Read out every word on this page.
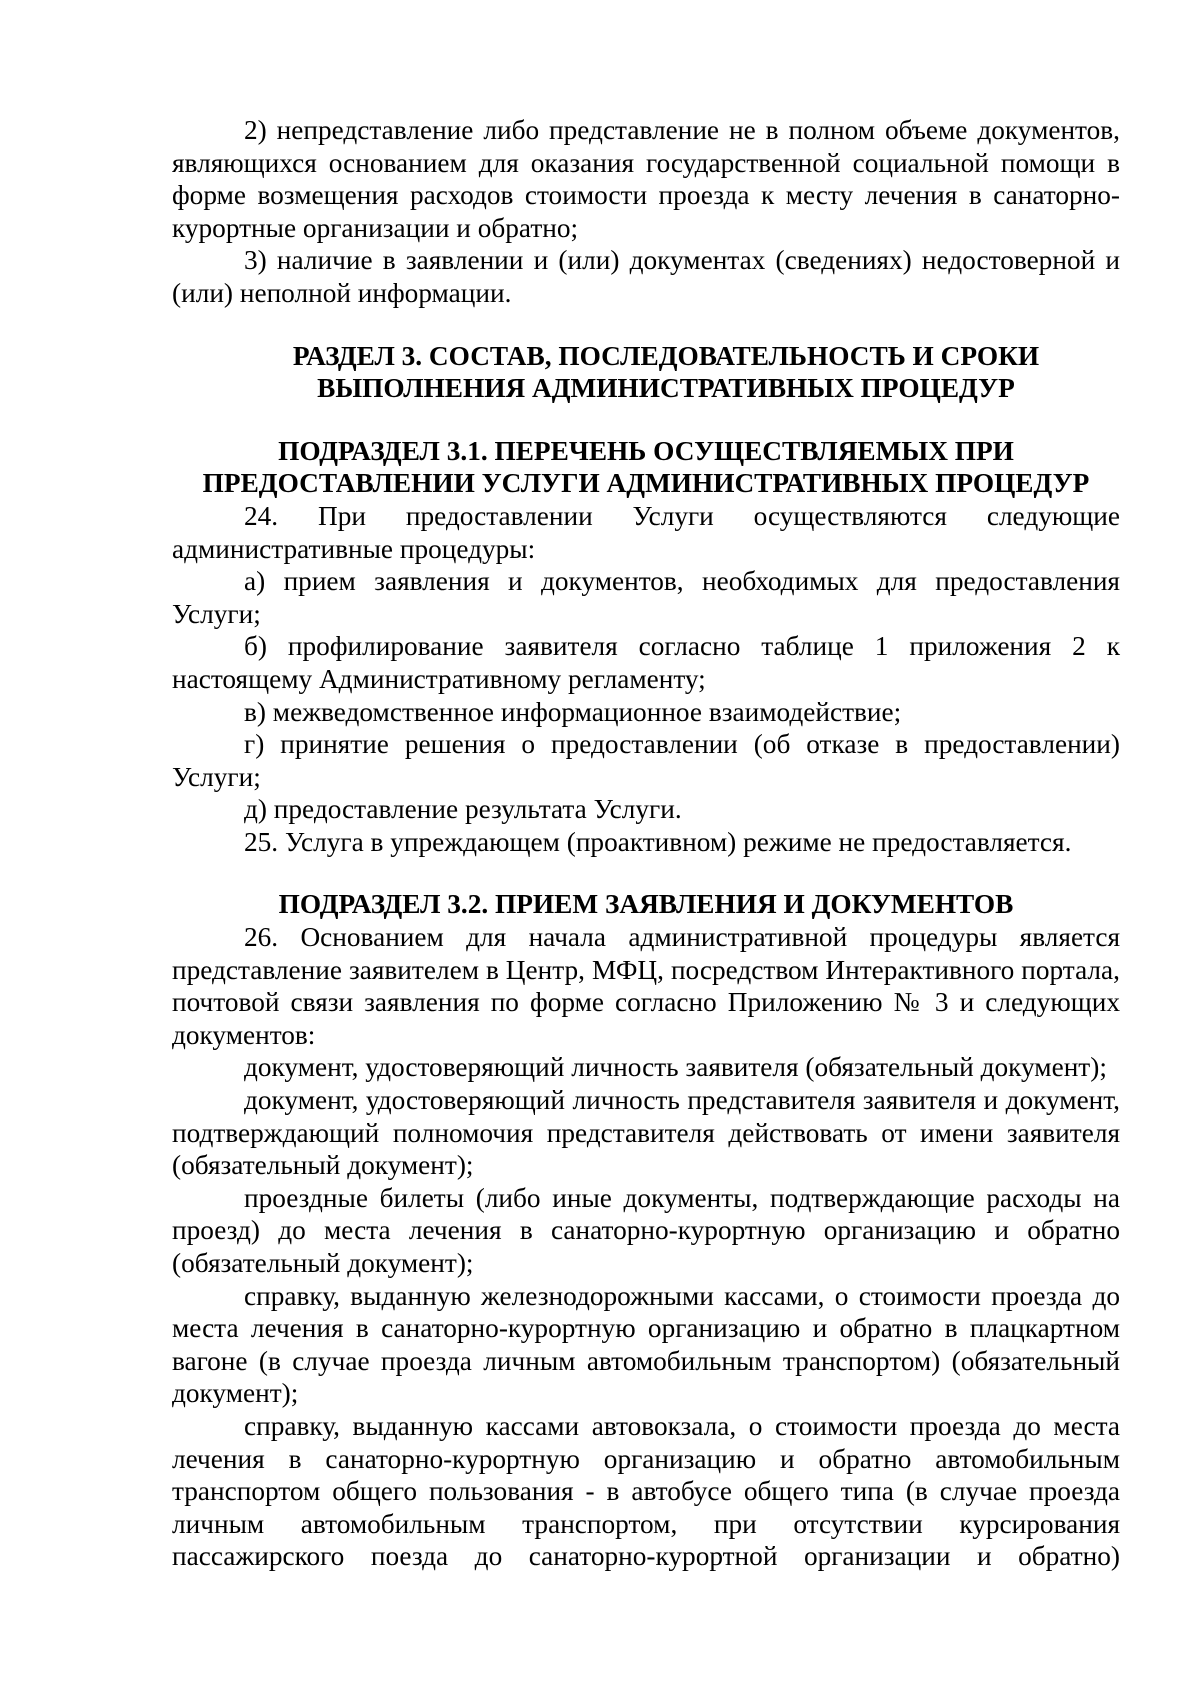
2) непредставление либо представление не в полном объеме документов, являющихся основанием для оказания государственной социальной помощи в форме возмещения расходов стоимости проезда к месту лечения в санаторно-курортные организации и обратно;

3) наличие в заявлении и (или) документах (сведениях) недостоверной и (или) неполной информации.

РАЗДЕЛ 3. СОСТАВ, ПОСЛЕДОВАТЕЛЬНОСТЬ И СРОКИ
ВЫПОЛНЕНИЯ АДМИНИСТРАТИВНЫХ ПРОЦЕДУР
ПОДРАЗДЕЛ 3.1. ПЕРЕЧЕНЬ ОСУЩЕСТВЛЯЕМЫХ ПРИ
ПРЕДОСТАВЛЕНИИ УСЛУГИ АДМИНИСТРАТИВНЫХ ПРОЦЕДУР

24. При предоставлении Услуги осуществляются следующие административные процедуры:

а) прием заявления и документов, необходимых для предоставления Услуги;

б) профилирование заявителя согласно таблице 1 приложения 2 к настоящему Административному регламенту;

в) межведомственное информационное взаимодействие;

г) принятие решения о предоставлении (об отказе в предоставлении) Услуги;

д) предоставление результата Услуги.

25. Услуга в упреждающем (проактивном) режиме не предоставляется.

ПОДРАЗДЕЛ 3.2. ПРИЕМ ЗАЯВЛЕНИЯ И ДОКУМЕНТОВ

26. Основанием для начала административной процедуры является представление заявителем в Центр, МФЦ, посредством Интерактивного портала, почтовой связи заявления по форме согласно Приложению № 3 и следующих документов:

документ, удостоверяющий личность заявителя (обязательный документ);

документ, удостоверяющий личность представителя заявителя и документ, подтверждающий полномочия представителя действовать от имени заявителя (обязательный документ);

проездные билеты (либо иные документы, подтверждающие расходы на проезд) до места лечения в санаторно-курортную организацию и обратно (обязательный документ);

справку, выданную железнодорожными кассами, о стоимости проезда до места лечения в санаторно-курортную организацию и обратно в плацкартном вагоне (в случае проезда личным автомобильным транспортом) (обязательный документ);

справку, выданную кассами автовокзала, о стоимости проезда до места лечения в санаторно-курортную организацию и обратно автомобильным транспортом общего пользования - в автобусе общего типа (в случае проезда личным автомобильным транспортом, при отсутствии курсирования пассажирского поезда до санаторно-курортной организации и обратно)
